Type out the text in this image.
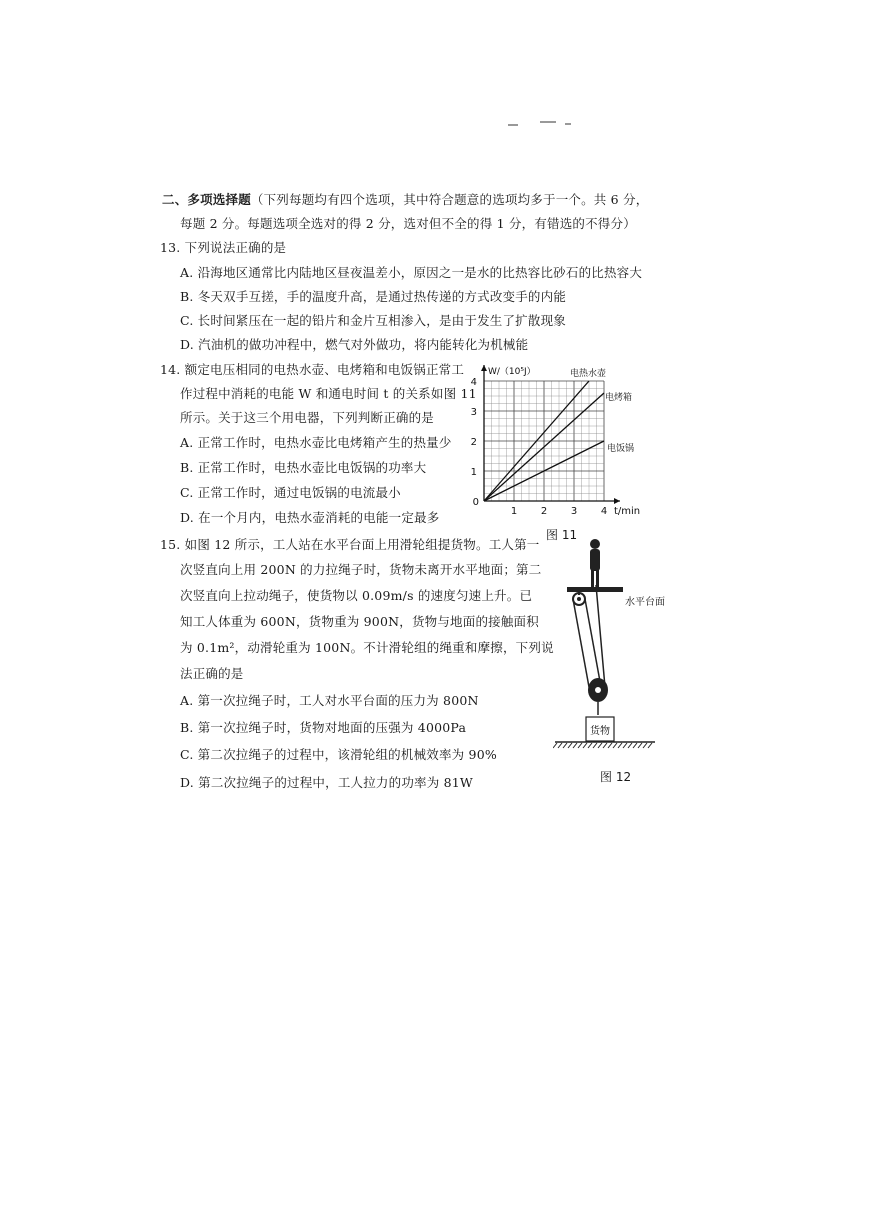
二、多项选择题（下列每题均有四个选项，其中符合题意的选项均多于一个。共 6 分，
每题 2 分。每题选项全选对的得 2 分，选对但不全的得 1 分，有错选的不得分）
13. 下列说法正确的是
A. 沿海地区通常比内陆地区昼夜温差小，原因之一是水的比热容比砂石的比热容大
B. 冬天双手互搓，手的温度升高，是通过热传递的方式改变手的内能
C. 长时间紧压在一起的铅片和金片互相渗入，是由于发生了扩散现象
D. 汽油机的做功冲程中，燃气对外做功，将内能转化为机械能
14. 额定电压相同的电热水壶、电烤箱和电饭锅正常工
作过程中消耗的电能 W 和通电时间 t 的关系如图 11
所示。关于这三个用电器，下列判断正确的是
A. 正常工作时，电热水壶比电烤箱产生的热量少
B. 正常工作时，电热水壶比电饭锅的功率大
C. 正常工作时，通过电饭锅的电流最小
D. 在一个月内，电热水壶消耗的电能一定最多	1 2 3 4
1
2
3
4
0
W/（10⁵J）
t/min
电热水壶
电烤箱
电饭锅
图 11
15. 如图 12 所示，工人站在水平台面上用滑轮组提货物。工人第一
次竖直向上用 200N 的力拉绳子时，货物未离开水平地面；第二
次竖直向上拉动绳子，使货物以 0.09m/s 的速度匀速上升。已
知工人体重为 600N，货物重为 900N，货物与地面的接触面积
为 0.1m²，动滑轮重为 100N。不计滑轮组的绳重和摩擦，下列说
法正确的是
A. 第一次拉绳子时，工人对水平台面的压力为 800N
B. 第一次拉绳子时，货物对地面的压强为 4000Pa
C. 第二次拉绳子的过程中，该滑轮组的机械效率为 90%
D. 第二次拉绳子的过程中，工人拉力的功率为 81W
货物
水平台面
图 12
